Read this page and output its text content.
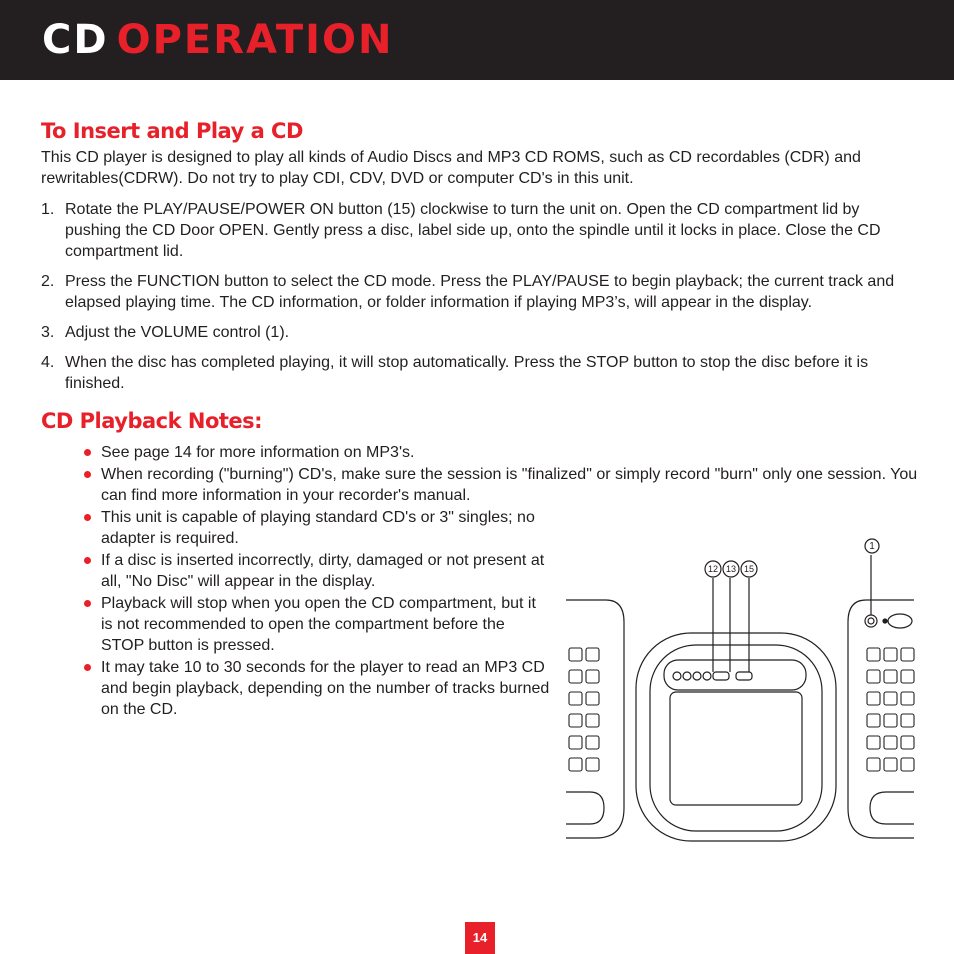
CD OPERATION
To Insert and Play a CD

This CD player is designed to play all kinds of Audio Discs and MP3 CD ROMS, such as CD recordables (CDR) and rewritables(CDRW). Do not try to play CDI, CDV, DVD or computer CD's in this unit.

1. Rotate the PLAY/PAUSE/POWER ON button (15) clockwise to turn the unit on. Open the CD compartment lid by pushing the CD Door OPEN. Gently press a disc, label side up, onto the spindle until it locks in place. Close the CD compartment lid.
2. Press the FUNCTION button to select the CD mode. Press the PLAY/PAUSE to begin playback; the current track and elapsed playing time. The CD information, or folder information if playing MP3’s, will appear in the display.
3. Adjust the VOLUME control (1).
4. When the disc has completed playing, it will stop automatically. Press the STOP button to stop the disc before it is finished.
CD Playback Notes:
See page 14 for more information on MP3's.
When recording ("burning") CD's, make sure the session is "finalized" or simply record "burn" only one session. You can find more information in your recorder's manual.
This unit is capable of playing standard CD's or 3" singles; no adapter is required.
If a disc is inserted incorrectly, dirty, damaged or not present at all, "No Disc" will appear in the display.
Playback will stop when you open the CD compartment, but it is not recommended to open the compartment before the STOP button is pressed.
It may take 10 to 30 seconds for the player to read an MP3 CD and begin playback, depending on the number of tracks burned on the CD.
12 13 15
1
14
